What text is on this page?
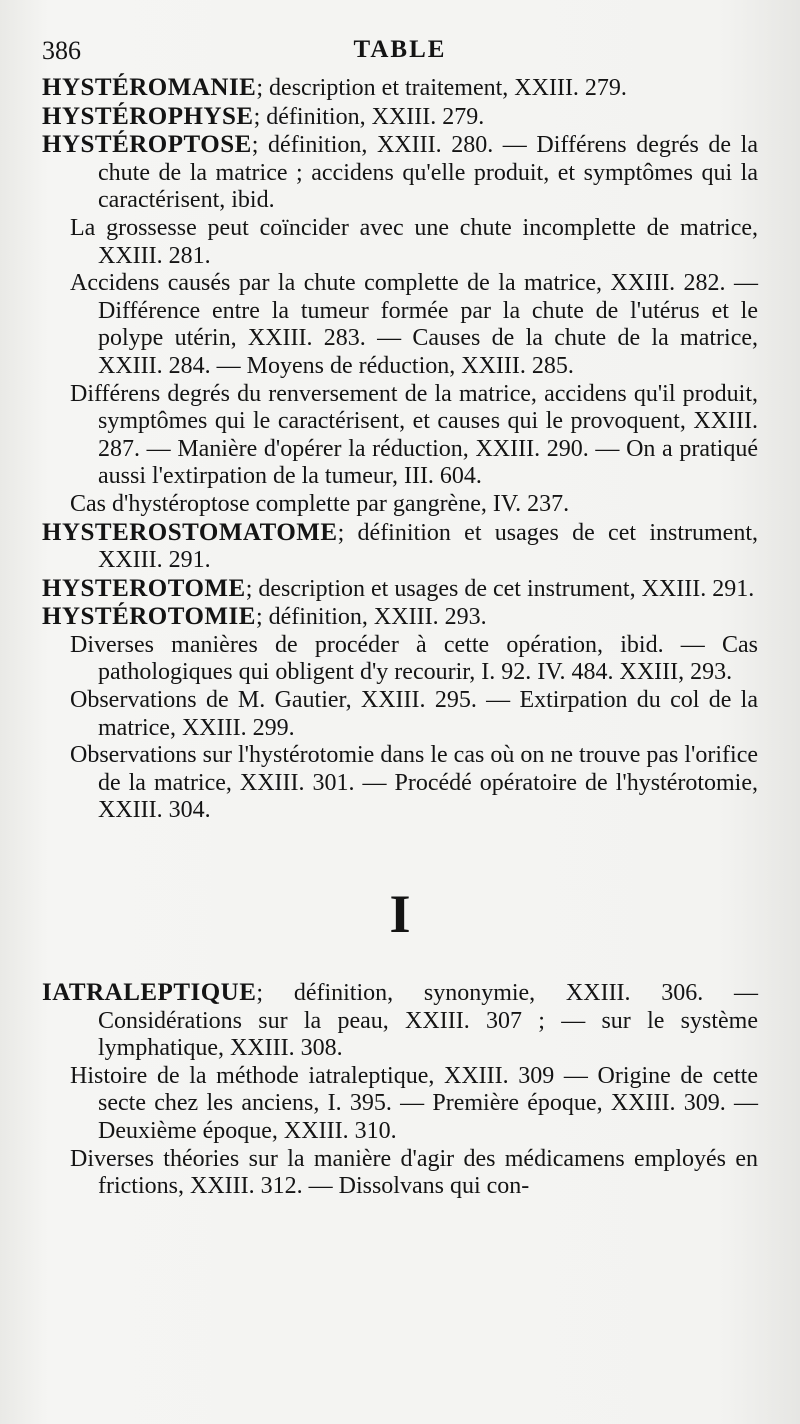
386	TABLE
HYSTÉROMANIE; description et traitement, XXIII. 279.
HYSTÉROPHYSE; définition, XXIII. 279.
HYSTÉROPTOSE; définition, XXIII. 280. — Différens degrés de la chute de la matrice ; accidens qu'elle produit, et symptômes qui la caractérisent, ibid.
La grossesse peut coïncider avec une chute incomplette de matrice, XXIII. 281.
Accidens causés par la chute complette de la matrice, XXIII. 282. — Différence entre la tumeur formée par la chute de l'utérus et le polype utérin, XXIII. 283. — Causes de la chute de la matrice, XXIII. 284. — Moyens de réduction, XXIII. 285.
Différens degrés du renversement de la matrice, accidens qu'il produit, symptômes qui le caractérisent, et causes qui le provoquent, XXIII. 287. — Manière d'opérer la réduction, XXIII. 290. — On a pratiqué aussi l'extirpation de la tumeur, III. 604.
Cas d'hystéroptose complette par gangrène, IV. 237.
HYSTEROSTOMATOME; définition et usages de cet instrument, XXIII. 291.
HYSTEROTOME; description et usages de cet instrument, XXIII. 291.
HYSTÉROTOMIE; définition, XXIII. 293.
Diverses manières de procéder à cette opération, ibid. — Cas pathologiques qui obligent d'y recourir, I. 92. IV. 484. XXIII, 293.
Observations de M. Gautier, XXIII. 295. — Extirpation du col de la matrice, XXIII. 299.
Observations sur l'hystérotomie dans le cas où on ne trouve pas l'orifice de la matrice, XXIII. 301. — Procédé opératoire de l'hystérotomie, XXIII. 304.
I
IATRALEPTIQUE; définition, synonymie, XXIII. 306. — Considérations sur la peau, XXIII. 307 ; — sur le système lymphatique, XXIII. 308.
Histoire de la méthode iatraleptique, XXIII. 309 — Origine de cette secte chez les anciens, I. 395. — Première époque, XXIII. 309. — Deuxième époque, XXIII. 310.
Diverses théories sur la manière d'agir des médicamens employés en frictions, XXIII. 312. — Dissolvans qui con-
